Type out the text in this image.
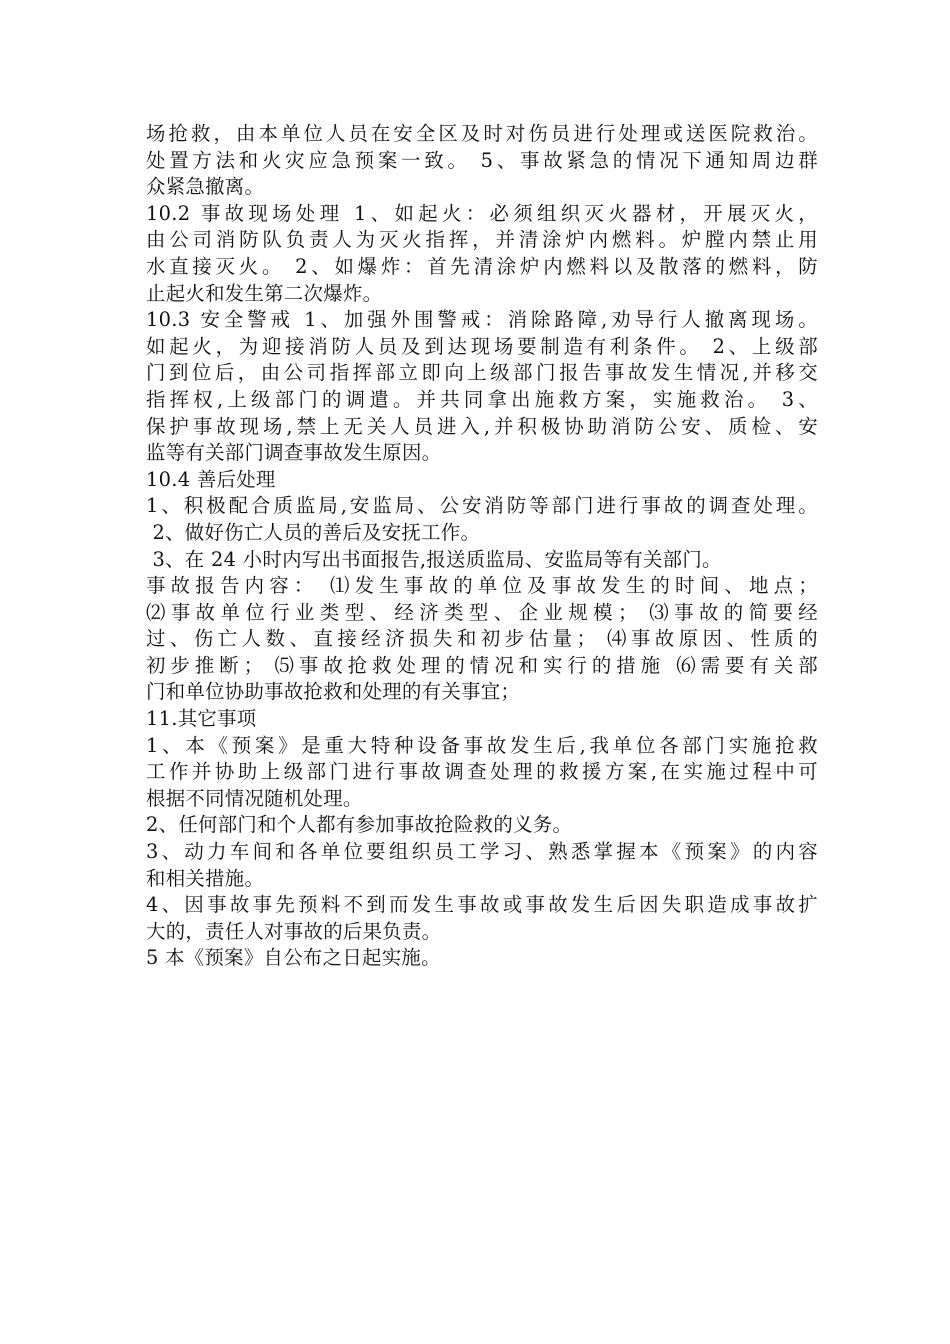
场抢救，由本单位人员在安全区及时对伤员进行处理或送医院救治。
处置方法和火灾应急预案一致。 5、事故紧急的情况下通知周边群
众紧急撤离。
10.2 事故现场处理 1、如起火：必须组织灭火器材，开展灭火，
由公司消防队负责人为灭火指挥，并清涂炉内燃料。炉膛内禁止用
水直接灭火。 2、如爆炸：首先清涂炉内燃料以及散落的燃料，防
止起火和发生第二次爆炸。
10.3 安全警戒 1、加强外围警戒：消除路障,劝导行人撤离现场。
如起火，为迎接消防人员及到达现场要制造有利条件。 2、上级部
门到位后，由公司指挥部立即向上级部门报告事故发生情况,并移交
指挥权,上级部门的调遣。并共同拿出施救方案，实施救治。 3、
保护事故现场,禁上无关人员进入,并积极协助消防公安、质检、安
监等有关部门调查事故发生原因。
10.4 善后处理
1、积极配合质监局,安监局、公安消防等部门进行事故的调查处理。
2、做好伤亡人员的善后及安抚工作。
3、在 24 小时内写出书面报告,报送质监局、安监局等有关部门。
事故报告内容： ⑴发生事故的单位及事故发生的时间、地点；
⑵事故单位行业类型、经济类型、企业规模； ⑶事故的简要经
过、伤亡人数、直接经济损失和初步估量； ⑷事故原因、性质的
初步推断； ⑸事故抢救处理的情况和实行的措施 ⑹需要有关部
门和单位协助事故抢救和处理的有关事宜；
11.其它事项
1、本《预案》是重大特种设备事故发生后,我单位各部门实施抢救
工作并协助上级部门进行事故调查处理的救援方案,在实施过程中可
根据不同情况随机处理。
2、任何部门和个人都有参加事故抢险救的义务。
3、动力车间和各单位要组织员工学习、熟悉掌握本《预案》的内容
和相关措施。
4、因事故事先预料不到而发生事故或事故发生后因失职造成事故扩
大的，责任人对事故的后果负责。
5 本《预案》自公布之日起实施。
